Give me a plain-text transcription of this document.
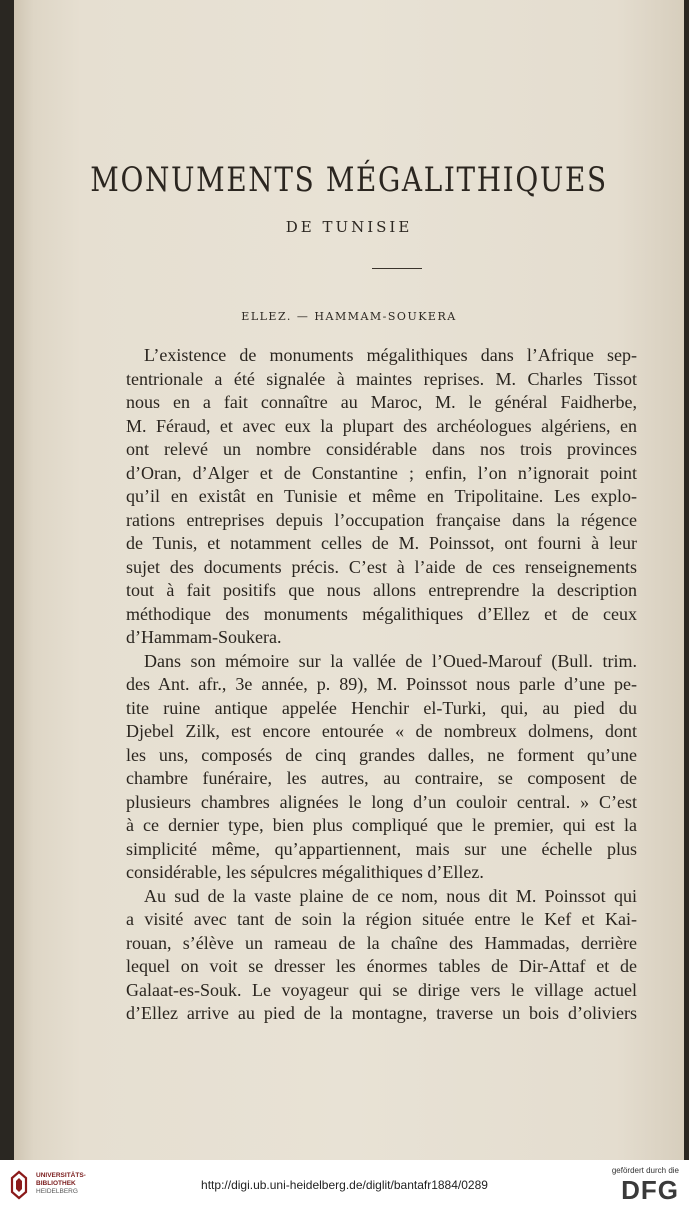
MONUMENTS MÉGALITHIQUES
DE TUNISIE
ELLEZ. — HAMMAM-SOUKERA
L’existence de monuments mégalithiques dans l’Afrique sep-
tentrionale a été signalée à maintes reprises. M. Charles Tissot
nous en a fait connaître au Maroc, M. le général Faidherbe,
M. Féraud, et avec eux la plupart des archéologues algériens, en
ont relevé un nombre considérable dans nos trois provinces
d’Oran, d’Alger et de Constantine ; enfin, l’on n’ignorait point
qu’il en existât en Tunisie et même en Tripolitaine. Les explo-
rations entreprises depuis l’occupation française dans la régence
de Tunis, et notamment celles de M. Poinssot, ont fourni à leur
sujet des documents précis. C’est à l’aide de ces renseignements
tout à fait positifs que nous allons entreprendre la description
méthodique des monuments mégalithiques d’Ellez et de ceux
d’Hammam-Soukera.
Dans son mémoire sur la vallée de l’Oued-Marouf (Bull. trim.
des Ant. afr., 3e année, p. 89), M. Poinssot nous parle d’une pe-
tite ruine antique appelée Henchir el-Turki, qui, au pied du
Djebel Zilk, est encore entourée « de nombreux dolmens, dont
les uns, composés de cinq grandes dalles, ne forment qu’une
chambre funéraire, les autres, au contraire, se composent de
plusieurs chambres alignées le long d’un couloir central. » C’est
à ce dernier type, bien plus compliqué que le premier, qui est la
simplicité même, qu’appartiennent, mais sur une échelle plus
considérable, les sépulcres mégalithiques d’Ellez.
Au sud de la vaste plaine de ce nom, nous dit M. Poinssot qui
a visité avec tant de soin la région située entre le Kef et Kai-
rouan, s’élève un rameau de la chaîne des Hammadas, derrière
lequel on voit se dresser les énormes tables de Dir-Attaf et de
Galaat-es-Souk. Le voyageur qui se dirige vers le village actuel
d’Ellez arrive au pied de la montagne, traverse un bois d’oliviers
UNIVERSITÄTS-
BIBLIOTHEK
HEIDELBERG	http://digi.ub.uni-heidelberg.de/diglit/bantafr1884/0289
gefördert durch die
DFG
